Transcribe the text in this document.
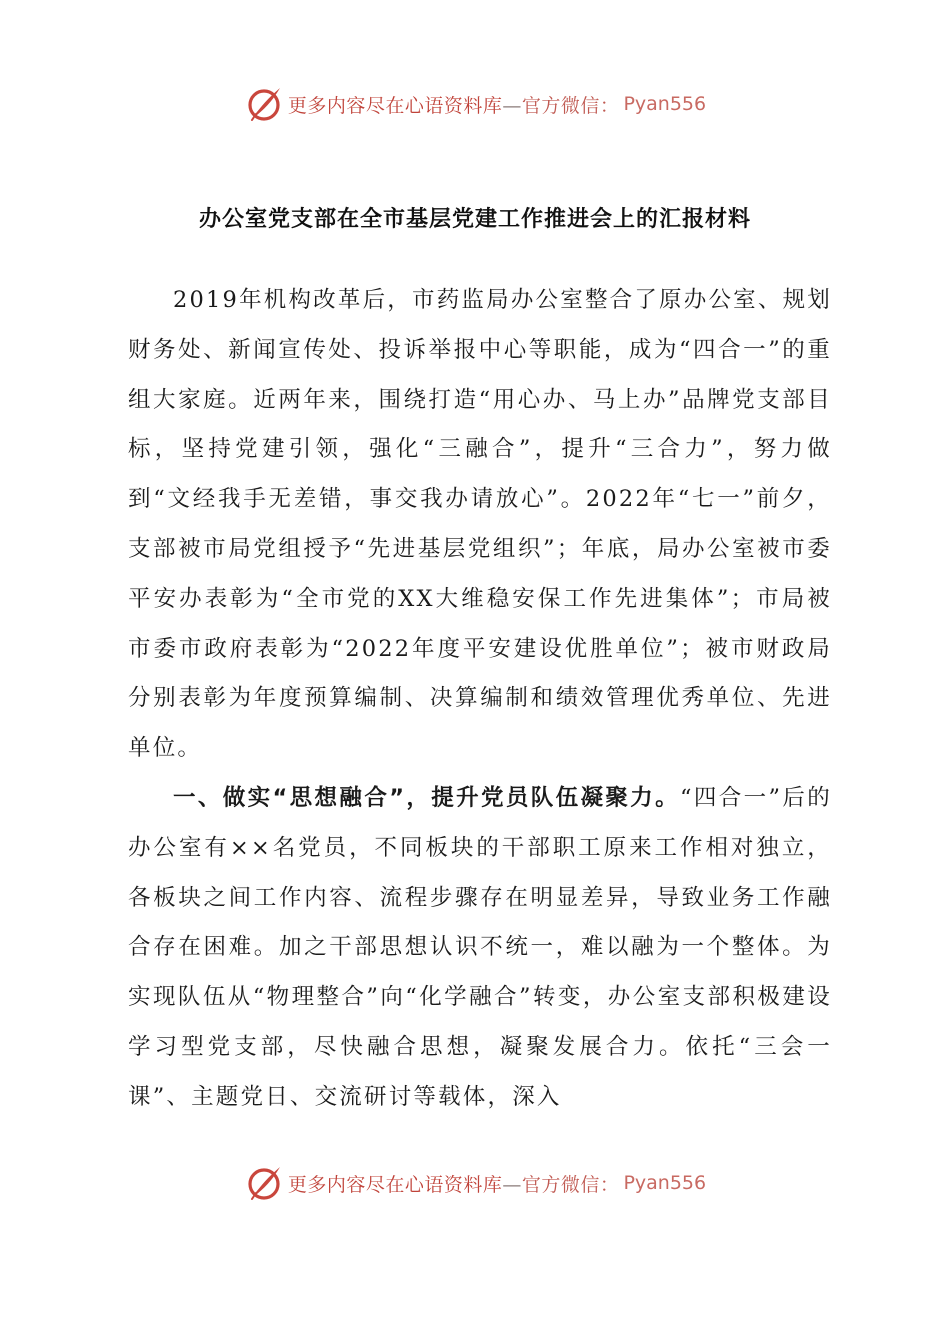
更多内容尽在心语资料库—官方微信： Pyan556
办公室党支部在全市基层党建工作推进会上的汇报材料

2019年机构改革后，市药监局办公室整合了原办公室、规划财务处、新闻宣传处、投诉举报中心等职能，成为“四合一”的重组大家庭。近两年来，围绕打造“用心办、马上办”品牌党支部目标，坚持党建引领，强化“三融合”，提升“三合力”，努力做到“文经我手无差错，事交我办请放心”。2022年“七一”前夕，支部被市局党组授予“先进基层党组织”；年底，局办公室被市委平安办表彰为“全市党的XX大维稳安保工作先进集体”；市局被市委市政府表彰为“2022年度平安建设优胜单位”；被市财政局分别表彰为年度预算编制、决算编制和绩效管理优秀单位、先进单位。

一、做实“思想融合”，提升党员队伍凝聚力。“四合一”后的办公室有××名党员，不同板块的干部职工原来工作相对独立，各板块之间工作内容、流程步骤存在明显差异，导致业务工作融合存在困难。加之干部思想认识不统一，难以融为一个整体。为实现队伍从“物理整合”向“化学融合”转变，办公室支部积极建设学习型党支部，尽快融合思想，凝聚发展合力。依托“三会一课”、主题党日、交流研讨等载体，深入

更多内容尽在心语资料库—官方微信： Pyan556
